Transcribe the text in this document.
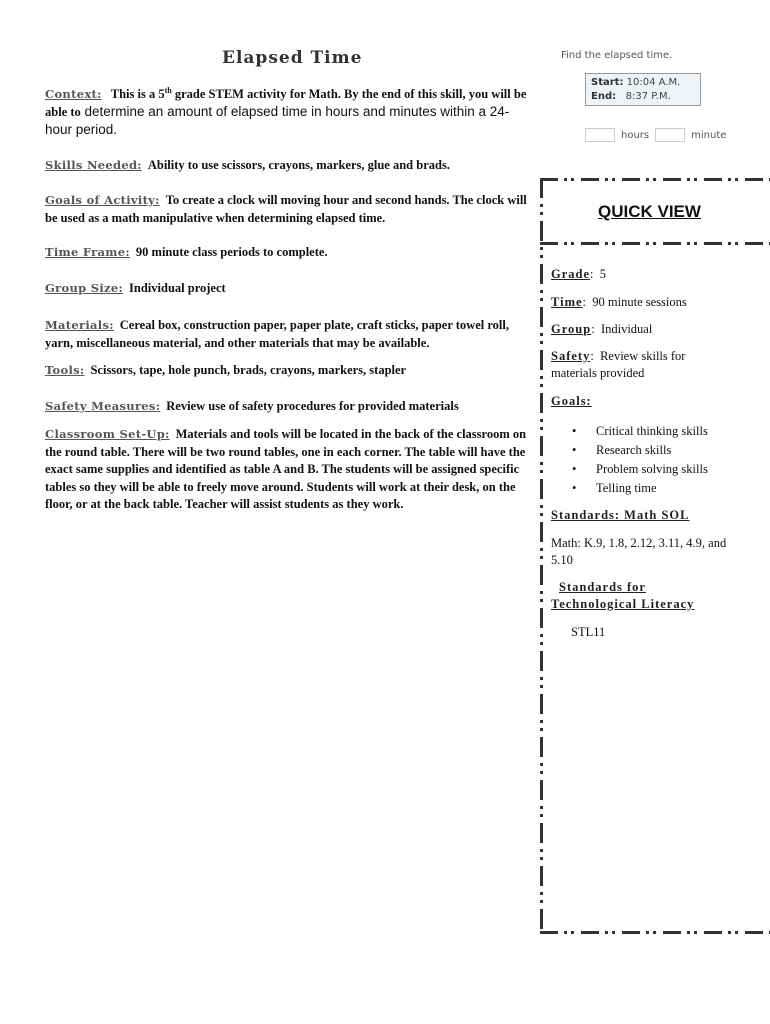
Elapsed Time
Context: This is a 5th grade STEM activity for Math. By the end of this skill, you will be able to determine an amount of elapsed time in hours and minutes within a 24-hour period.
Skills Needed: Ability to use scissors, crayons, markers, glue and brads.
Goals of Activity: To create a clock will moving hour and second hands. The clock will be used as a math manipulative when determining elapsed time.
Time Frame: 90 minute class periods to complete.
Group Size: Individual project
Materials: Cereal box, construction paper, paper plate, craft sticks, paper towel roll, yarn, miscellaneous material, and other materials that may be available.
Tools: Scissors, tape, hole punch, brads, crayons, markers, stapler
Safety Measures: Review use of safety procedures for provided materials
Classroom Set-Up: Materials and tools will be located in the back of the classroom on the round table. There will be two round tables, one in each corner. The table will have the exact same supplies and identified as table A and B. The students will be assigned specific tables so they will be able to freely move around. Students will work at their desk, on the floor, or at the back table. Teacher will assist students as they work.
Find the elapsed time.
Start: 10:04 A.M.
End: 8:37 P.M.
hours	minute
QUICK VIEW
Grade:  5
Time:  90 minute sessions
Group:  Individual
Safety:  Review skills for materials provided
Goals:
• Critical thinking skills
• Research skills
• Problem solving skills
• Telling time
Standards: Math SOL
Math: K.9, 1.8, 2.12, 3.11, 4.9, and 5.10
Standards for Technological Literacy
STL11
